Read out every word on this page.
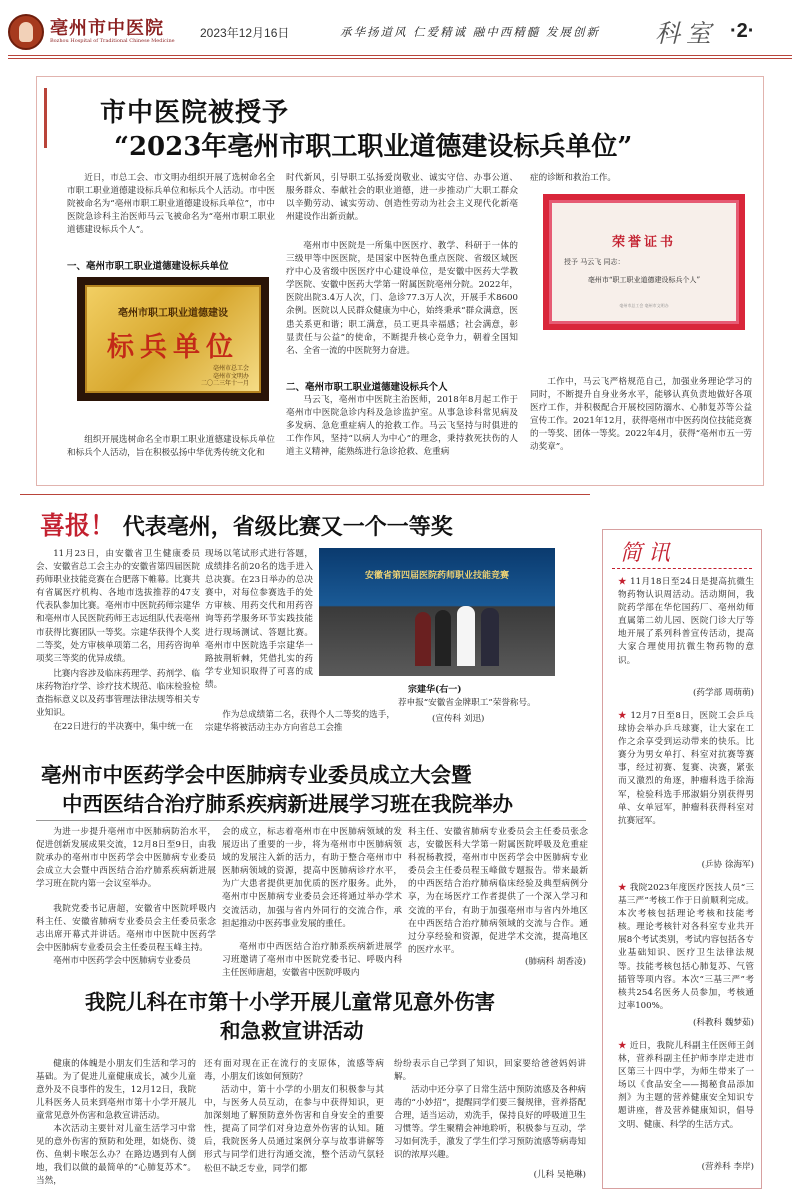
亳州市中医院
Bozhou Hospital of Traditional Chinese Medicine
2023年12月16日	承华扬道风 仁爱精诚 融中西精髓 发展创新 科室 ·2·
市中医院被授予
“2023年亳州市职工职业道德建设标兵单位”
近日，市总工会、市文明办组织开展了选树命名全市职工职业道德建设标兵单位和标兵个人活动。市中医院被命名为“亳州市职工职业道德建设标兵单位”，市中医院急诊科主治医师马云飞被命名为“亳州市职工职业道德建设标兵个人”。
一、亳州市职工职业道德建设标兵单位
亳州市职工职业道德建设
标兵单位
亳州市总工会
亳州市文明办
二〇二三年十一月
组织开展选树命名全市职工职业道德建设标兵单位和标兵个人活动，旨在积极弘扬中华优秀传统文化和
时代新风，引导职工弘扬爱岗敬业、诚实守信、办事公道、服务群众、奉献社会的职业道德，进一步推动广大职工群众以辛勤劳动、诚实劳动、创造性劳动为社会主义现代化新亳州建设作出新贡献。
亳州市中医院是一所集中医医疗、教学、科研于一体的三级甲等中医医院，是国家中医特色重点医院、省级区域医疗中心及省级中医医疗中心建设单位，是安徽中医药大学教学医院、安徽中医药大学第一附属医院亳州分院。2022年，医院出院3.4万人次，门、急诊77.3万人次，开展手术8600余例。医院以人民群众健康为中心，始终秉承“群众满意，医患关系更和谐；职工满意，员工更具幸福感；社会满意，彰显责任与公益”的使命，不断提升核心竞争力，朝着全国知名、全省一流的中医院努力奋进。
二、亳州市职工职业道德建设标兵个人
马云飞，亳州市中医院主治医师，2018年8月起工作于亳州市中医院急诊内科及急诊监护室。从事急诊科常见病及多发病、急危重症病人的抢救工作。马云飞坚持与时俱进的工作作风，坚持“以病人为中心”的理念，秉持救死扶伤的人道主义精神，能熟练进行急诊抢救、危重病
症的诊断和救治工作。
荣誉证书
授予 马云飞 同志：
亳州市“职工职业道德建设标兵个人”
亳州市总工会 亳州市文明办
工作中，马云飞严格规范自己，加强业务理论学习的同时，不断提升自身业务水平，能够认真负责地做好各项医疗工作，并积极配合开展校园防溺水、心肺复苏等公益宣传工作。2021年12月，获得亳州市中医药岗位技能竞赛的一等奖、团体一等奖。2022年4月，获得“亳州市五一劳动奖章”。
喜报！ 代表亳州，省级比赛又一个一等奖
11月23日，由安徽省卫生健康委员会、安徽省总工会主办的安徽省第四届医院药师职业技能竞赛在合肥落下帷幕。比赛共有省属医疗机构、各地市选拔推荐的47支代表队参加比赛。亳州市中医院药师宗建华和亳州市人民医院药师王志远组队代表亳州市获得比赛团队一等奖。宗建华获得个人奖二等奖，处方审核单项第二名，用药咨询单项奖三等奖的优异成绩。
比赛内容涉及临床药理学、药剂学、临床药物治疗学、诊疗技术规范、临床检验检查指标意义以及药事管理法律法规等相关专业知识。
在22日进行的半决赛中，集中统一在
现场以笔试形式进行答题，成绩排名前20名的选手进入总决赛。在23日举办的总决赛中，对每位参赛选手的处方审核、用药交代和用药咨询等药学服务环节实践技能进行现场测试、答题比赛。亳州市中医院选手宗建华一路披荆斩棘，凭借扎实的药学专业知识取得了可喜的成绩。
作为总成绩第二名，获得个人二等奖的选手，宗建华将被活动主办方向省总工会推
安徽省第四届医院药师职业技能竞赛
宗建华(右一)
荐申报“安徽省金牌职工”荣誉称号。
(宣传科 刘迅)
亳州市中医药学会中医肺病专业委员成立大会暨
中西医结合治疗肺系疾病新进展学习班在我院举办
为进一步提升亳州市中医肺病防治水平，促进创新发展成果交流，12月8日至9日，由我院承办的亳州市中医药学会中医肺病专业委员会成立大会暨中西医结合治疗肺系疾病新进展学习班在院内第一会议室举办。
我院党委书记唐超，安徽省中医院呼吸内科主任、安徽省肺病专业委员会主任委员张念志出席开幕式并讲话。亳州市中医院中医药学会中医肺病专业委员会主任委员程玉峰主持。
亳州市中医药学会中医肺病专业委员
会的成立，标志着亳州市在中医肺病领域的发展迈出了重要的一步，将为亳州市中医肺病领域的发展注入新的活力，有助于整合亳州市中医肺病领域的资源，提高中医肺病诊疗水平，为广大患者提供更加优质的医疗服务。此外，亳州市中医肺病专业委员会还将通过举办学术交流活动，加强与省内外同行的交流合作，承担起推动中医药事业发展的重任。
亳州市中西医结合治疗肺系疾病新进展学习班邀请了亳州市中医院党委书记、呼吸内科主任医师唐超，安徽省中医院呼吸内
科主任、安徽省肺病专业委员会主任委员张念志，安徽医科大学第一附属医院呼吸及危重症科祝杨教授，亳州市中医药学会中医肺病专业委员会主任委员程玉峰做专题报告。带来最新的中西医结合治疗肺病临床经验及典型病例分享，为在场医疗工作者提供了一个深入学习和交流的平台，有助于加强亳州市与省内外地区在中西医结合治疗肺病领域的交流与合作。通过分享经验和资源，促进学术交流，提高地区的医疗水平。
(肺病科 胡香凌)
我院儿科在市第十小学开展儿童常见意外伤害
和急救宣讲活动
健康的体魄是小朋友们生活和学习的基础。为了促进儿童健康成长，减少儿童意外及不良事件的发生，12月12日，我院儿科医务人员来到亳州市第十小学开展儿童常见意外伤害和急救宣讲活动。
本次活动主要针对儿童生活学习中常见的意外伤害的预防和处理，如烧伤、烫伤、鱼刺卡喉怎么办？在路边遇到有人倒地，我们以做的最简单的“心肺复苏术”。当然，
还有面对现在正在流行的支原体，流感等病毒，小朋友们该如何预防？
活动中，第十小学的小朋友们积极参与其中，与医务人员互动，在参与中获得知识，更加深刻地了解预防意外伤害和自身安全的重要性，提高了同学们对身边意外伤害的认知。随后，我院医务人员通过案例分享与故事讲解等形式与同学们进行沟通交流，整个活动气氛轻松但不缺乏专业，同学们都
纷纷表示自己学到了知识，回家要给爸爸妈妈讲解。
活动中还分享了日常生活中预防流感及各种病毒的“小妙招”，提醒同学们要三餐规律，营养搭配合理，适当运动，劝洗手，保持良好的呼吸道卫生习惯等。学生聚精会神地聆听，积极参与互动，学习如何洗手，激发了学生们学习预防流感等病毒知识的浓厚兴趣。
(儿科 吴艳琳)
简讯
★ 11月18日至24日是提高抗微生物药物认识周活动。活动期间，我院药学部在华佗国药厂、亳州幼师直属第二幼儿园、医院门诊大厅等地开展了系列科普宣传活动，提高大家合理使用抗微生物药物的意识。
(药学部 周萌萌)
★ 12月7日至8日，医院工会乒乓球协会举办乒乓球赛，让大家在工作之余享受到运动带来的快乐。比赛分为男女单打、科室对抗赛等赛事，经过初赛、复赛、决赛，紧张而又激烈的角逐，肿瘤科选手徐海军，检验科选手邢淑娟分别获得男单、女单冠军，肿瘤科获得科室对抗赛冠军。
(乒协 徐海军)
★ 我院2023年度医疗医技人员“三基三严”考核工作于日前顺利完成。本次考核包括理论考核和技能考核。理论考核针对各科室专业共开展8个考试类别，考试内容包括各专业基础知识、医疗卫生法律法规等。技能考核包括心肺复苏、气管插管等项内容。本次“三基三严”考核共254名医务人员参加，考核通过率100%。
(科教科 魏梦茹)
★ 近日，我院儿科副主任医师王剑林，营养科副主任护师李岸走进市区第三十四中学，为师生带来了一场以《食品安全——揭秘食品添加剂》为主题的营养健康安全知识专题讲座，普及营养健康知识，倡导文明、健康、科学的生活方式。
(营养科 李岸)
